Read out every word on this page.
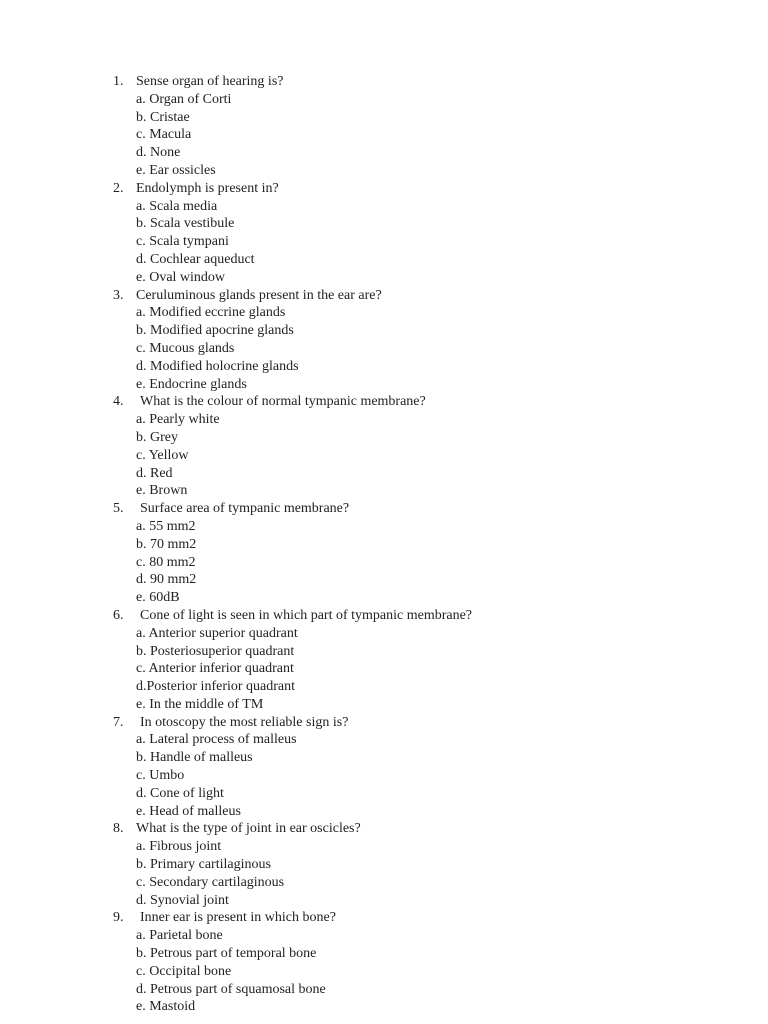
1. Sense organ of hearing is?
a. Organ of Corti
b. Cristae
c. Macula
d. None
e. Ear ossicles
2. Endolymph is present in?
a. Scala media
b. Scala vestibule
c. Scala tympani
d. Cochlear aqueduct
e. Oval window
3. Ceruluminous glands present in the ear are?
a. Modified eccrine glands
b. Modified apocrine glands
c. Mucous glands
d. Modified holocrine glands
e. Endocrine glands
4.	What is the colour of normal tympanic membrane?
a. Pearly white
b. Grey
c. Yellow
d. Red
e. Brown
5.	Surface area of tympanic membrane?
a. 55 mm2
b. 70 mm2
c. 80 mm2
d. 90 mm2
e. 60dB
6.	Cone of light is seen in which part of tympanic membrane?
a. Anterior superior quadrant
b. Posteriosuperior quadrant
c. Anterior inferior quadrant
d.Posterior inferior quadrant
e. In the middle of TM
7.	In otoscopy the most reliable sign is?
a. Lateral process of malleus
b. Handle of malleus
c. Umbo
d. Cone of light
e. Head of malleus
8. What is the type of joint in ear oscicles?
a. Fibrous joint
b. Primary cartilaginous
c. Secondary cartilaginous
d. Synovial joint
9.	Inner ear is present in which bone?
a. Parietal bone
b. Petrous part of temporal bone
c. Occipital bone
d. Petrous part of squamosal bone
e. Mastoid
